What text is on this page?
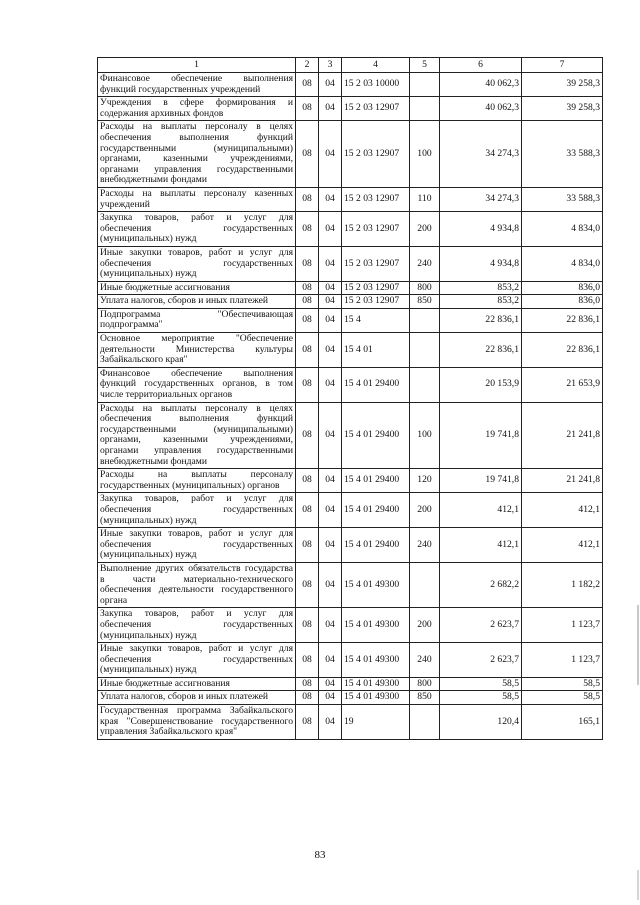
1	2	3	4	5	6	7
Финансовое обеспечение выполнения функций государственных учреждений	08	04	15 2 03 10000		40 062,3	39 258,3
Учреждения в сфере формирования и содержания архивных фондов	08	04	15 2 03 12907		40 062,3	39 258,3
Расходы на выплаты персоналу в целях обеспечения выполнения функций государственными (муниципальными) органами, казенными учреждениями, органами управления государственными внебюджетными фондами	08	04	15 2 03 12907	100	34 274,3	33 588,3
Расходы на выплаты персоналу казенных учреждений	08	04	15 2 03 12907	110	34 274,3	33 588,3
Закупка товаров, работ и услуг для обеспечения государственных (муниципальных) нужд	08	04	15 2 03 12907	200	4 934,8	4 834,0
Иные закупки товаров, работ и услуг для обеспечения государственных (муниципальных) нужд	08	04	15 2 03 12907	240	4 934,8	4 834,0
Иные бюджетные ассигнования	08	04	15 2 03 12907	800	853,2	836,0
Уплата налогов, сборов и иных платежей	08	04	15 2 03 12907	850	853,2	836,0
Подпрограмма "Обеспечивающая подпрограмма"	08	04	15 4		22 836,1	22 836,1
Основное мероприятие "Обеспечение деятельности Министерства культуры Забайкальского края"	08	04	15 4 01		22 836,1	22 836,1
Финансовое обеспечение выполнения функций государственных органов, в том числе территориальных органов	08	04	15 4 01 29400		20 153,9	21 653,9
Расходы на выплаты персоналу в целях обеспечения выполнения функций государственными (муниципальными) органами, казенными учреждениями, органами управления государственными внебюджетными фондами	08	04	15 4 01 29400	100	19 741,8	21 241,8
Расходы на выплаты персоналу государственных (муниципальных) органов	08	04	15 4 01 29400	120	19 741,8	21 241,8
Закупка товаров, работ и услуг для обеспечения государственных (муниципальных) нужд	08	04	15 4 01 29400	200	412,1	412,1
Иные закупки товаров, работ и услуг для обеспечения государственных (муниципальных) нужд	08	04	15 4 01 29400	240	412,1	412,1
Выполнение других обязательств государства в части материально-технического обеспечения деятельности государственного органа	08	04	15 4 01 49300		2 682,2	1 182,2
Закупка товаров, работ и услуг для обеспечения государственных (муниципальных) нужд	08	04	15 4 01 49300	200	2 623,7	1 123,7
Иные закупки товаров, работ и услуг для обеспечения государственных (муниципальных) нужд	08	04	15 4 01 49300	240	2 623,7	1 123,7
Иные бюджетные ассигнования	08	04	15 4 01 49300	800	58,5	58,5
Уплата налогов, сборов и иных платежей	08	04	15 4 01 49300	850	58,5	58,5
Государственная программа Забайкальского края "Совершенствование государственного управления Забайкальского края"	08	04	19		120,4	165,1
83
